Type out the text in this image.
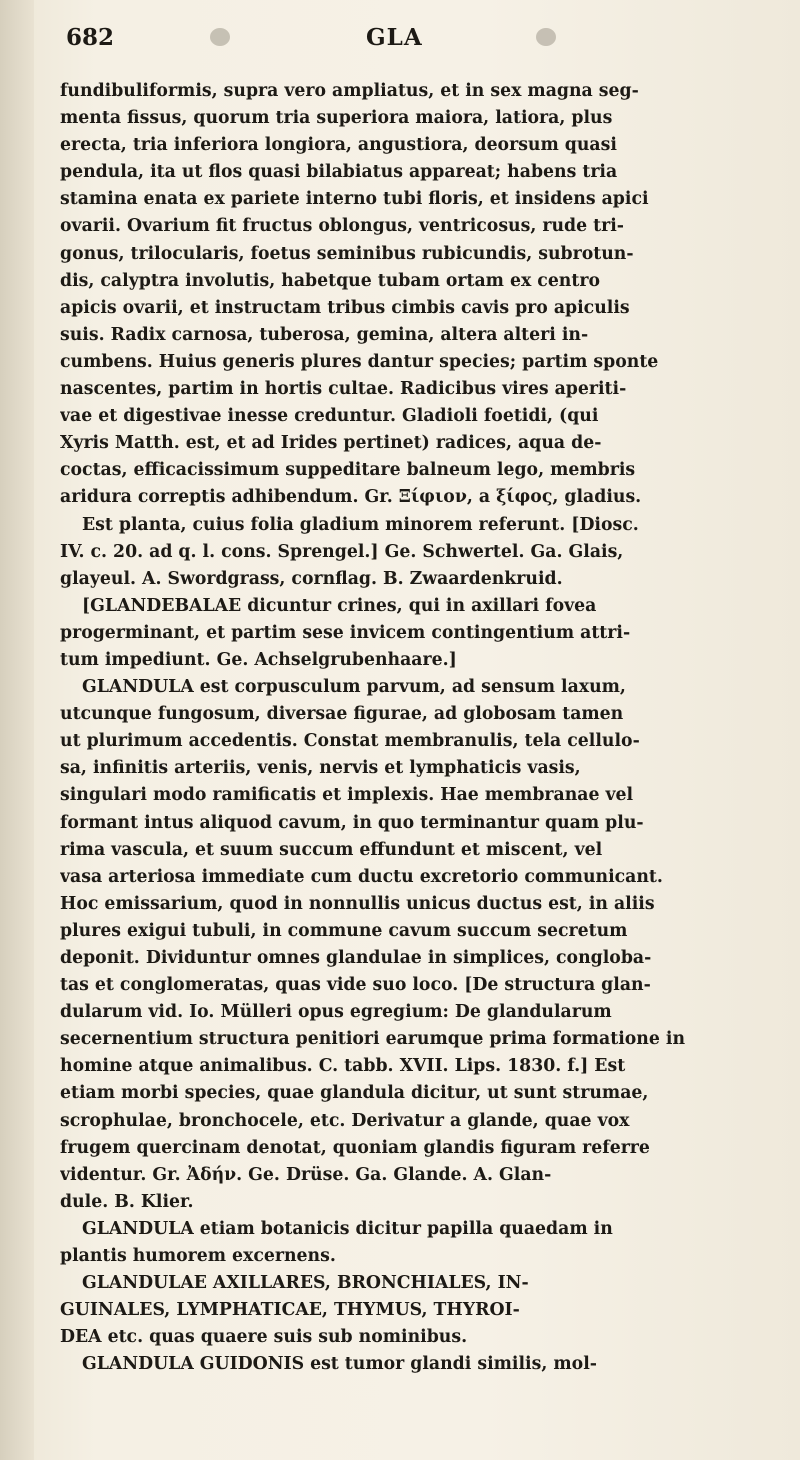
682	GLA
fundibuliformis, supra vero ampliatus, et in sex magna seg-
menta fissus, quorum tria superiora maiora, latiora, plus
erecta, tria inferiora longiora, angustiora, deorsum quasi
pendula, ita ut flos quasi bilabiatus appareat; habens tria
stamina enata ex pariete interno tubi floris, et insidens apici
ovarii. Ovarium fit fructus oblongus, ventricosus, rude tri-
gonus, trilocularis, foetus seminibus rubicundis, subrotun-
dis, calyptra involutis, habetque tubam ortam ex centro
apicis ovarii, et instructam tribus cimbis cavis pro apiculis
suis. Radix carnosa, tuberosa, gemina, altera alteri in-
cumbens. Huius generis plures dantur species; partim sponte
nascentes, partim in hortis cultae. Radicibus vires aperiti-
vae et digestivae inesse creduntur. Gladioli foetidi, (qui
Xyris Matth. est, et ad Irides pertinet) radices, aqua de-
coctas, efficacissimum suppeditare balneum lego, membris
aridura correptis adhibendum. Gr. Ξίφιον, a ξίφος, gladius.
Est planta, cuius folia gladium minorem referunt. [Diosc.
IV. c. 20. ad q. l. cons. Sprengel.] Ge. Schwertel. Ga. Glais,
glayeul. A. Swordgrass, cornflag. B. Zwaardenkruid.
[GLANDEBALAE dicuntur crines, qui in axillari fovea
progerminant, et partim sese invicem contingentium attri-
tum impediunt. Ge. Achselgrubenhaare.]
GLANDULA est corpusculum parvum, ad sensum laxum,
utcunque fungosum, diversae figurae, ad globosam tamen
ut plurimum accedentis. Constat membranulis, tela cellulo-
sa, infinitis arteriis, venis, nervis et lymphaticis vasis,
singulari modo ramificatis et implexis. Hae membranae vel
formant intus aliquod cavum, in quo terminantur quam plu-
rima vascula, et suum succum effundunt et miscent, vel
vasa arteriosa immediate cum ductu excretorio communicant.
Hoc emissarium, quod in nonnullis unicus ductus est, in aliis
plures exigui tubuli, in commune cavum succum secretum
deponit. Dividuntur omnes glandulae in simplices, congloba-
tas et conglomeratas, quas vide suo loco. [De structura glan-
dularum vid. Io. Mülleri opus egregium: De glandularum
secernentium structura penitiori earumque prima formatione in
homine atque animalibus. C. tabb. XVII. Lips. 1830. f.] Est
etiam morbi species, quae glandula dicitur, ut sunt strumae,
scrophulae, bronchocele, etc. Derivatur a glande, quae vox
frugem quercinam denotat, quoniam glandis figuram referre
videntur. Gr. Ἀδήν. Ge. Drüse. Ga. Glande. A. Glan-
dule. B. Klier.
GLANDULA etiam botanicis dicitur papilla quaedam in
plantis humorem excernens.
GLANDULAE AXILLARES, BRONCHIALES, IN-
GUINALES, LYMPHATICAE, THYMUS, THYROI-
DEA etc. quas quaere suis sub nominibus.
GLANDULA GUIDONIS est tumor glandi similis, mol-
